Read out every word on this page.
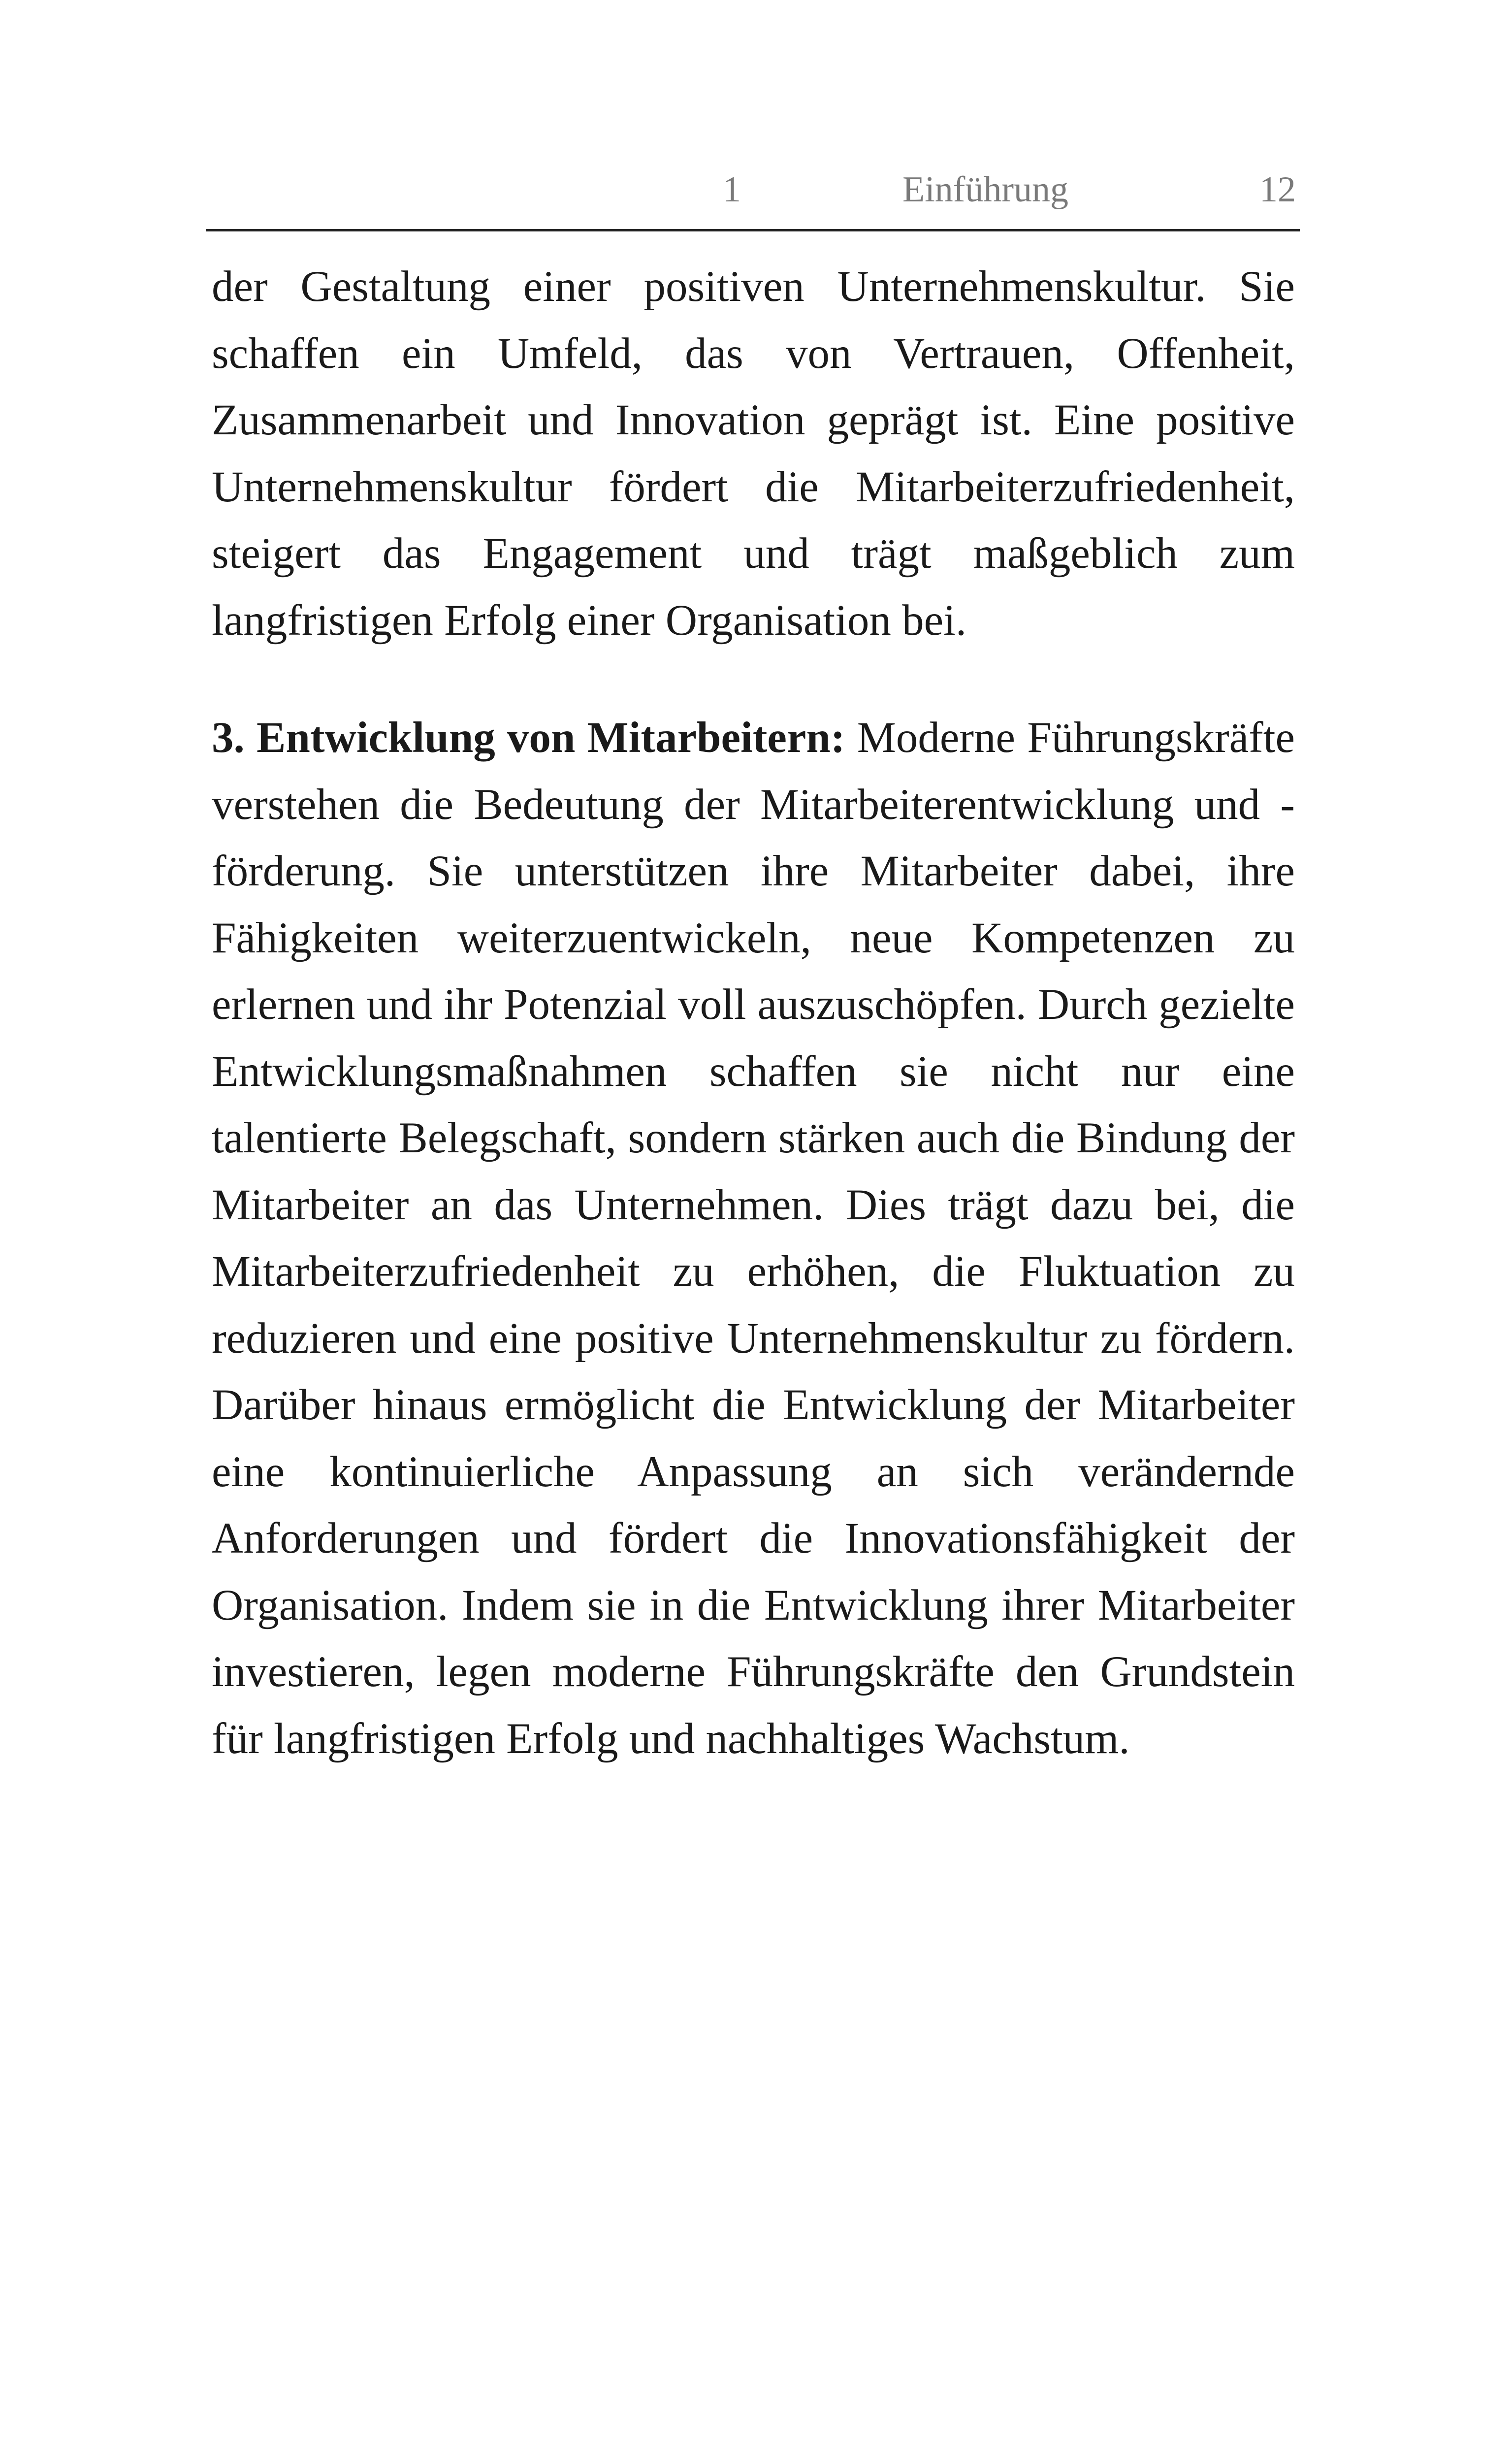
1	Einführung	12

der Gestaltung einer positiven Unternehmenskultur. Sie schaffen ein Umfeld, das von Vertrauen, Offenheit, Zusammenarbeit und Innovation geprägt ist. Eine positive Unternehmenskultur fördert die Mitarbeiterzufriedenheit, steigert das Engagement und trägt maßgeblich zum langfristigen Erfolg einer Organisation bei.

3. Entwicklung von Mitarbeitern: Moderne Führungskräfte verstehen die Bedeutung der Mitarbeiterentwicklung und -förderung. Sie unterstützen ihre Mitarbeiter dabei, ihre Fähigkeiten weiterzuentwickeln, neue Kompetenzen zu erlernen und ihr Potenzial voll auszuschöpfen. Durch gezielte Entwicklungsmaßnahmen schaffen sie nicht nur eine talentierte Belegschaft, sondern stärken auch die Bindung der Mitarbeiter an das Unternehmen. Dies trägt dazu bei, die Mitarbeiterzufriedenheit zu erhöhen, die Fluktuation zu reduzieren und eine positive Unternehmenskultur zu fördern. Darüber hinaus ermöglicht die Entwicklung der Mitarbeiter eine kontinuierliche Anpassung an sich verändernde Anforderungen und fördert die Innovationsfähigkeit der Organisation. Indem sie in die Entwicklung ihrer Mitarbeiter investieren, legen moderne Führungskräfte den Grundstein für langfristigen Erfolg und nachhaltiges Wachstum.
